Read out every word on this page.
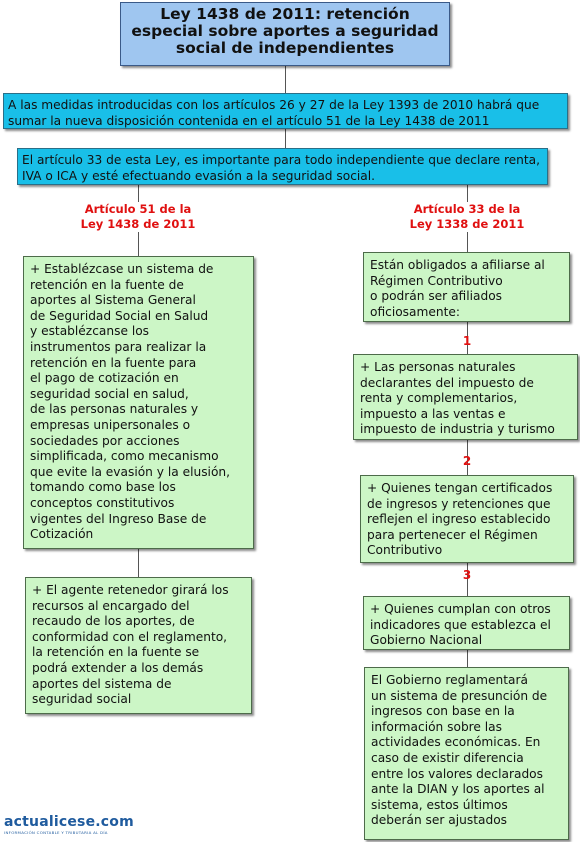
Ley 1438 de 2011: retención especial sobre aportes a seguridad social de independientes
A las medidas introducidas con los artículos 26 y 27 de la Ley 1393 de 2010 habrá que sumar la nueva disposición contenida en el artículo 51 de la Ley 1438 de 2011
El artículo 33 de esta Ley, es importante para todo independiente que declare renta, IVA o ICA y esté efectuando evasión a la seguridad social.
Artículo 51 de la
Ley 1438 de 2011
+ Establézcase un sistema de
retención en la fuente de
aportes al Sistema General
de Seguridad Social en Salud
y establézcanse los
instrumentos para realizar la
retención en la fuente para
el pago de cotización en
seguridad social en salud,
de las personas naturales y
empresas unipersonales o
sociedades por acciones
simplificada, como mecanismo
que evite la evasión y la elusión,
tomando como base los
conceptos constitutivos
vigentes del Ingreso Base de
Cotización
+ El agente retenedor girará los
recursos al encargado del
recaudo de los aportes, de
conformidad con el reglamento,
la retención en la fuente se
podrá extender a los demás
aportes del sistema de
seguridad social
Artículo 33 de la
Ley 1338 de 2011
Están obligados a afiliarse al
Régimen Contributivo
o podrán ser afiliados
oficiosamente:
1
+ Las personas naturales
declarantes del impuesto de
renta y complementarios,
impuesto a las ventas e
impuesto de industria y turismo
2
+ Quienes tengan certificados
de ingresos y retenciones que
reflejen el ingreso establecido
para pertenecer el Régimen
Contributivo
3
+ Quienes cumplan con otros
indicadores que establezca el
Gobierno Nacional
El Gobierno reglamentará
un sistema de presunción de
ingresos con base en la
información sobre las
actividades económicas. En
caso de existir diferencia
entre los valores declarados
ante la DIAN y los aportes al
sistema, estos últimos
deberán ser ajustados
actualicese.com
INFORMACIÓN CONTABLE Y TRIBUTARIA AL DÍA
